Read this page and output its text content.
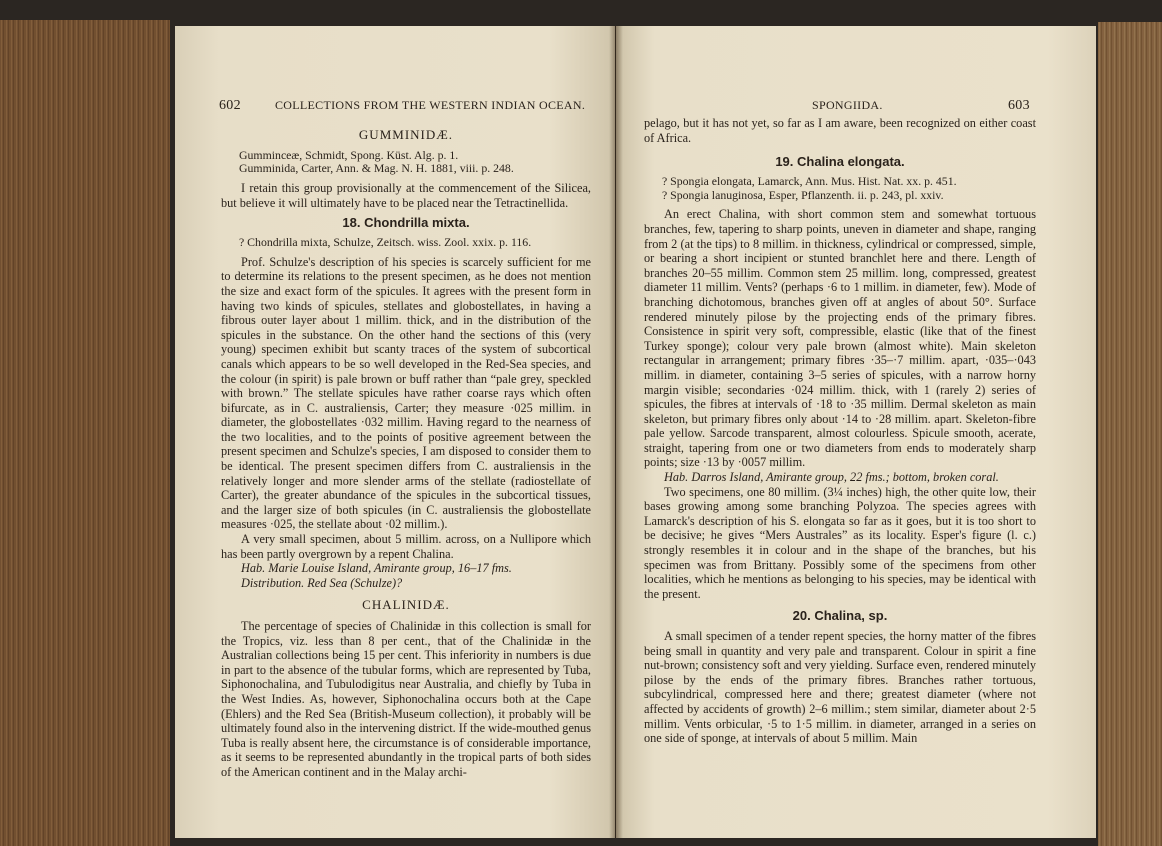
602	COLLECTIONS FROM THE WESTERN INDIAN OCEAN.
GUMMINIDÆ.

Gumminceæ, Schmidt, Spong. Küst. Alg. p. 1.

Gumminida, Carter, Ann. & Mag. N. H. 1881, viii. p. 248.

I retain this group provisionally at the commencement of the Silicea, but believe it will ultimately have to be placed near the Tetractinellida.

18. Chondrilla mixta.

? Chondrilla mixta, Schulze, Zeitsch. wiss. Zool. xxix. p. 116.

Prof. Schulze's description of his species is scarcely sufficient for me to determine its relations to the present specimen, as he does not mention the size and exact form of the spicules. It agrees with the present form in having two kinds of spicules, stellates and globostellates, in having a fibrous outer layer about 1 millim. thick, and in the distribution of the spicules in the substance. On the other hand the sections of this (very young) specimen exhibit but scanty traces of the system of subcortical canals which appears to be so well developed in the Red-Sea species, and the colour (in spirit) is pale brown or buff rather than “pale grey, speckled with brown.” The stellate spicules have rather coarse rays which often bifurcate, as in C. australiensis, Carter; they measure ·025 millim. in diameter, the globostellates ·032 millim. Having regard to the nearness of the two localities, and to the points of positive agreement between the present specimen and Schulze's species, I am disposed to consider them to be identical. The present specimen differs from C. australiensis in the relatively longer and more slender arms of the stellate (radiostellate of Carter), the greater abundance of the spicules in the subcortical tissues, and the larger size of both spicules (in C. australiensis the globostellate measures ·025, the stellate about ·02 millim.).

A very small specimen, about 5 millim. across, on a Nullipore which has been partly overgrown by a repent Chalina.

Hab. Marie Louise Island, Amirante group, 16–17 fms.

Distribution. Red Sea (Schulze)?

CHALINIDÆ.

The percentage of species of Chalinidæ in this collection is small for the Tropics, viz. less than 8 per cent., that of the Chalinidæ in the Australian collections being 15 per cent. This inferiority in numbers is due in part to the absence of the tubular forms, which are represented by Tuba, Siphonochalina, and Tubulodigitus near Australia, and chiefly by Tuba in the West Indies. As, however, Siphonochalina occurs both at the Cape (Ehlers) and the Red Sea (British-Museum collection), it probably will be ultimately found also in the intervening district. If the wide-mouthed genus Tuba is really absent here, the circumstance is of considerable importance, as it seems to be represented abundantly in the tropical parts of both sides of the American continent and in the Malay archi-

SPONGIIDA.	603

pelago, but it has not yet, so far as I am aware, been recognized on either coast of Africa.

19. Chalina elongata.

? Spongia elongata, Lamarck, Ann. Mus. Hist. Nat. xx. p. 451.

? Spongia lanuginosa, Esper, Pflanzenth. ii. p. 243, pl. xxiv.

An erect Chalina, with short common stem and somewhat tortuous branches, few, tapering to sharp points, uneven in diameter and shape, ranging from 2 (at the tips) to 8 millim. in thickness, cylindrical or compressed, simple, or bearing a short incipient or stunted branchlet here and there. Length of branches 20–55 millim. Common stem 25 millim. long, compressed, greatest diameter 11 millim. Vents? (perhaps ·6 to 1 millim. in diameter, few). Mode of branching dichotomous, branches given off at angles of about 50°. Surface rendered minutely pilose by the projecting ends of the primary fibres. Consistence in spirit very soft, compressible, elastic (like that of the finest Turkey sponge); colour very pale brown (almost white). Main skeleton rectangular in arrangement; primary fibres ·35–·7 millim. apart, ·035–·043 millim. in diameter, containing 3–5 series of spicules, with a narrow horny margin visible; secondaries ·024 millim. thick, with 1 (rarely 2) series of spicules, the fibres at intervals of ·18 to ·35 millim. Dermal skeleton as main skeleton, but primary fibres only about ·14 to ·28 millim. apart. Skeleton-fibre pale yellow. Sarcode transparent, almost colourless. Spicule smooth, acerate, straight, tapering from one or two diameters from ends to moderately sharp points; size ·13 by ·0057 millim.

Hab. Darros Island, Amirante group, 22 fms.; bottom, broken coral.

Two specimens, one 80 millim. (3¼ inches) high, the other quite low, their bases growing among some branching Polyzoa. The species agrees with Lamarck's description of his S. elongata so far as it goes, but it is too short to be decisive; he gives “Mers Australes” as its locality. Esper's figure (l. c.) strongly resembles it in colour and in the shape of the branches, but his specimen was from Brittany. Possibly some of the specimens from other localities, which he mentions as belonging to his species, may be identical with the present.

20. Chalina, sp.

A small specimen of a tender repent species, the horny matter of the fibres being small in quantity and very pale and transparent. Colour in spirit a fine nut-brown; consistency soft and very yielding. Surface even, rendered minutely pilose by the ends of the primary fibres. Branches rather tortuous, subcylindrical, compressed here and there; greatest diameter (where not affected by accidents of growth) 2–6 millim.; stem similar, diameter about 2·5 millim. Vents orbicular, ·5 to 1·5 millim. in diameter, arranged in a series on one side of sponge, at intervals of about 5 millim. Main
